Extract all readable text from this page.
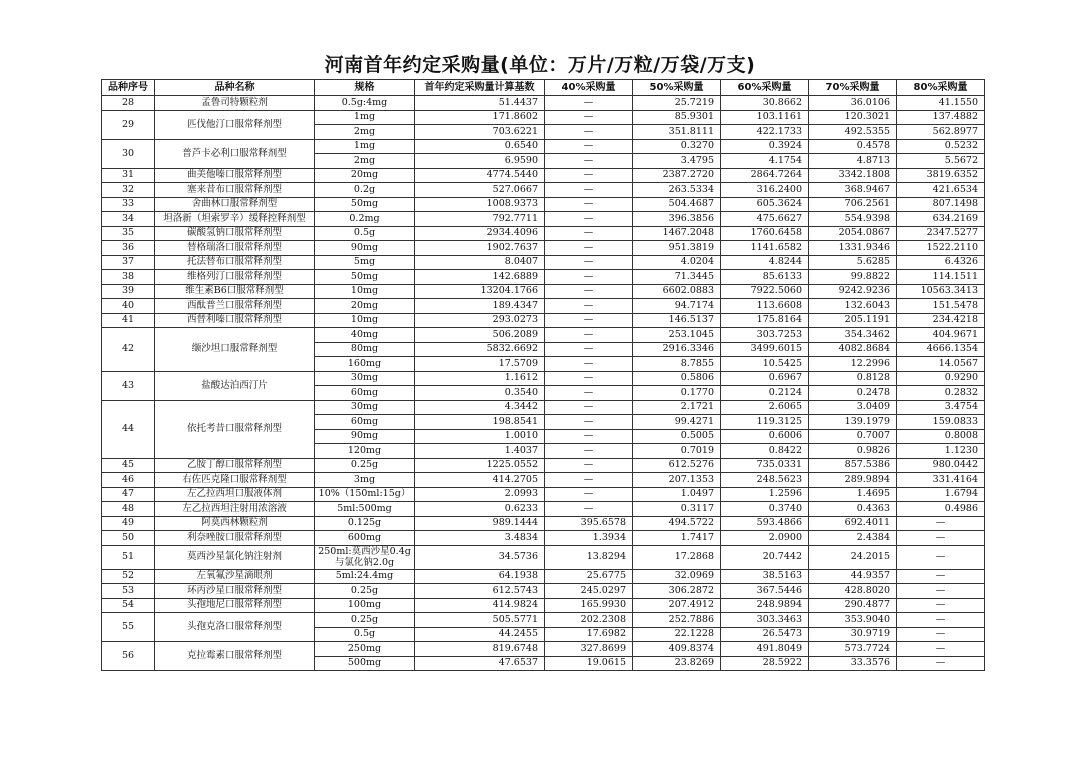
河南首年约定采购量(单位：万片/万粒/万袋/万支)
品种序号	品种名称	规格	首年约定采购量计算基数	40%采购量	50%采购量	60%采购量	70%采购量	80%采购量
28	孟鲁司特颗粒剂	0.5g:4mg	51.4437	—	25.7219	30.8662	36.0106	41.1550
29	匹伐他汀口服常释剂型	1mg	171.8602	—	85.9301	103.1161	120.3021	137.4882
		2mg	703.6221	—	351.8111	422.1733	492.5355	562.8977
30	普芦卡必利口服常释剂型	1mg	0.6540	—	0.3270	0.3924	0.4578	0.5232
		2mg	6.9590	—	3.4795	4.1754	4.8713	5.5672
31	曲美他嗪口服常释剂型	20mg	4774.5440	—	2387.2720	2864.7264	3342.1808	3819.6352
32	塞来昔布口服常释剂型	0.2g	527.0667	—	263.5334	316.2400	368.9467	421.6534
33	舍曲林口服常释剂型	50mg	1008.9373	—	504.4687	605.3624	706.2561	807.1498
34	坦洛新（坦索罗辛）缓释控释剂型	0.2mg	792.7711	—	396.3856	475.6627	554.9398	634.2169
35	碳酸氢钠口服常释剂型	0.5g	2934.4096	—	1467.2048	1760.6458	2054.0867	2347.5277
36	替格瑞洛口服常释剂型	90mg	1902.7637	—	951.3819	1141.6582	1331.9346	1522.2110
37	托法替布口服常释剂型	5mg	8.0407	—	4.0204	4.8244	5.6285	6.4326
38	维格列汀口服常释剂型	50mg	142.6889	—	71.3445	85.6133	99.8822	114.1511
39	维生素B6口服常释剂型	10mg	13204.1766	—	6602.0883	7922.5060	9242.9236	10563.3413
40	西酞普兰口服常释剂型	20mg	189.4347	—	94.7174	113.6608	132.6043	151.5478
41	西替利嗪口服常释剂型	10mg	293.0273	—	146.5137	175.8164	205.1191	234.4218
42	缬沙坦口服常释剂型	40mg	506.2089	—	253.1045	303.7253	354.3462	404.9671
		80mg	5832.6692	—	2916.3346	3499.6015	4082.8684	4666.1354
		160mg	17.5709	—	8.7855	10.5425	12.2996	14.0567
43	盐酸达泊西汀片	30mg	1.1612	—	0.5806	0.6967	0.8128	0.9290
		60mg	0.3540	—	0.1770	0.2124	0.2478	0.2832
44	依托考昔口服常释剂型	30mg	4.3442	—	2.1721	2.6065	3.0409	3.4754
		60mg	198.8541	—	99.4271	119.3125	139.1979	159.0833
		90mg	1.0010	—	0.5005	0.6006	0.7007	0.8008
		120mg	1.4037	—	0.7019	0.8422	0.9826	1.1230
45	乙胺丁醇口服常释剂型	0.25g	1225.0552	—	612.5276	735.0331	857.5386	980.0442
46	右佐匹克隆口服常释剂型	3mg	414.2705	—	207.1353	248.5623	289.9894	331.4164
47	左乙拉西坦口服液体剂	10%（150ml:15g）	2.0993	—	1.0497	1.2596	1.4695	1.6794
48	左乙拉西坦注射用浓溶液	5ml:500mg	0.6233	—	0.3117	0.3740	0.4363	0.4986
49	阿莫西林颗粒剂	0.125g	989.1444	395.6578	494.5722	593.4866	692.4011	—
50	利奈唑胺口服常释剂型	600mg	3.4834	1.3934	1.7417	2.0900	2.4384	—
51	莫西沙星氯化钠注射剂	250ml:莫西沙星0.4g与氯化钠2.0g	34.5736	13.8294	17.2868	20.7442	24.2015	—
52	左氧氟沙星滴眼剂	5ml:24.4mg	64.1938	25.6775	32.0969	38.5163	44.9357	—
53	环丙沙星口服常释剂型	0.25g	612.5743	245.0297	306.2872	367.5446	428.8020	—
54	头孢地尼口服常释剂型	100mg	414.9824	165.9930	207.4912	248.9894	290.4877	—
55	头孢克洛口服常释剂型	0.25g	505.5771	202.2308	252.7886	303.3463	353.9040	—
		0.5g	44.2455	17.6982	22.1228	26.5473	30.9719	—
56	克拉霉素口服常释剂型	250mg	819.6748	327.8699	409.8374	491.8049	573.7724	—
		500mg	47.6537	19.0615	23.8269	28.5922	33.3576	—
